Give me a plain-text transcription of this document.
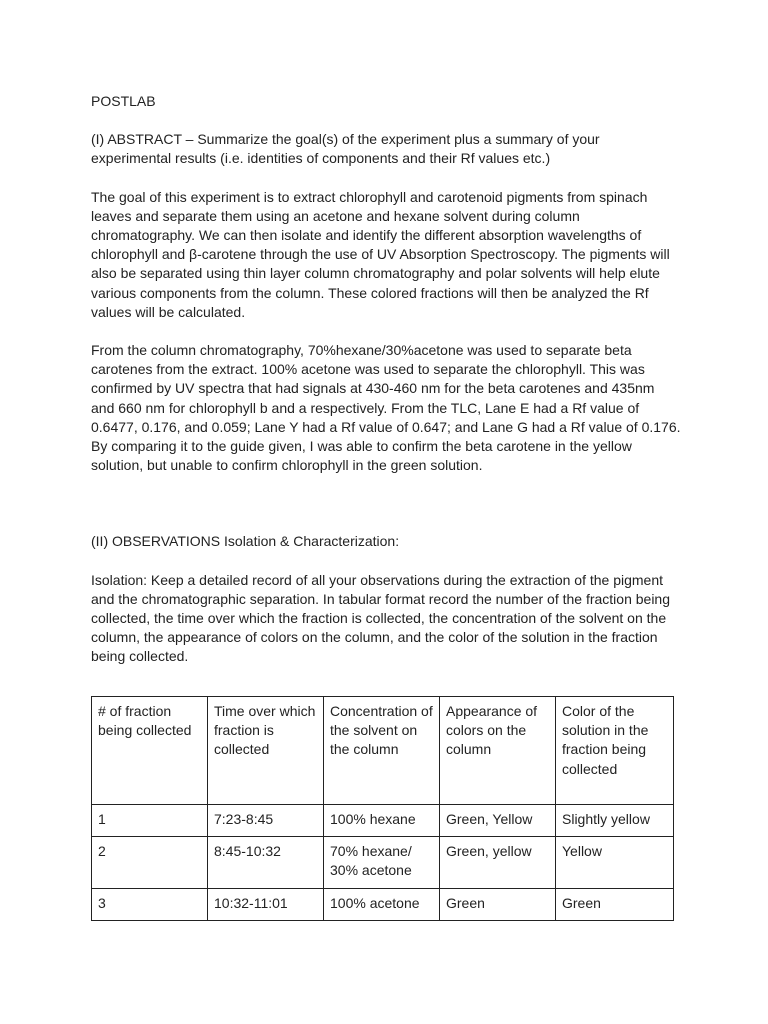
POSTLAB

(I) ABSTRACT – Summarize the goal(s) of the experiment plus a summary of your experimental results (i.e. identities of components and their Rf values etc.)

The goal of this experiment is to extract chlorophyll and carotenoid pigments from spinach leaves and separate them using an acetone and hexane solvent during column chromatography. We can then isolate and identify the different absorption wavelengths of chlorophyll and β-carotene through the use of UV Absorption Spectroscopy. The pigments will also be separated using thin layer column chromatography and polar solvents will help elute various components from the column. These colored fractions will then be analyzed the Rf values will be calculated.

From the column chromatography, 70%hexane/30%acetone was used to separate beta carotenes from the extract. 100% acetone was used to separate the chlorophyll. This was confirmed by UV spectra that had signals at 430-460 nm for the beta carotenes and 435nm and 660 nm for chlorophyll b and a respectively. From the TLC, Lane E had a Rf value of 0.6477, 0.176, and 0.059; Lane Y had a Rf value of 0.647; and Lane G had a Rf value of 0.176. By comparing it to the guide given, I was able to confirm the beta carotene in the yellow solution, but unable to confirm chlorophyll in the green solution.

(II) OBSERVATIONS Isolation & Characterization:

Isolation: Keep a detailed record of all your observations during the extraction of the pigment and the chromatographic separation. In tabular format record the number of the fraction being collected, the time over which the fraction is collected, the concentration of the solvent on the column, the appearance of colors on the column, and the color of the solution in the fraction being collected.

# of fraction being collected	Time over which fraction is collected	Concentration of the solvent on the column	Appearance of colors on the column	Color of the solution in the fraction being collected
1	7:23-8:45	100% hexane	Green, Yellow	Slightly yellow
2	8:45-10:32	70% hexane/ 30% acetone	Green, yellow	Yellow
3	10:32-11:01	100% acetone	Green	Green
